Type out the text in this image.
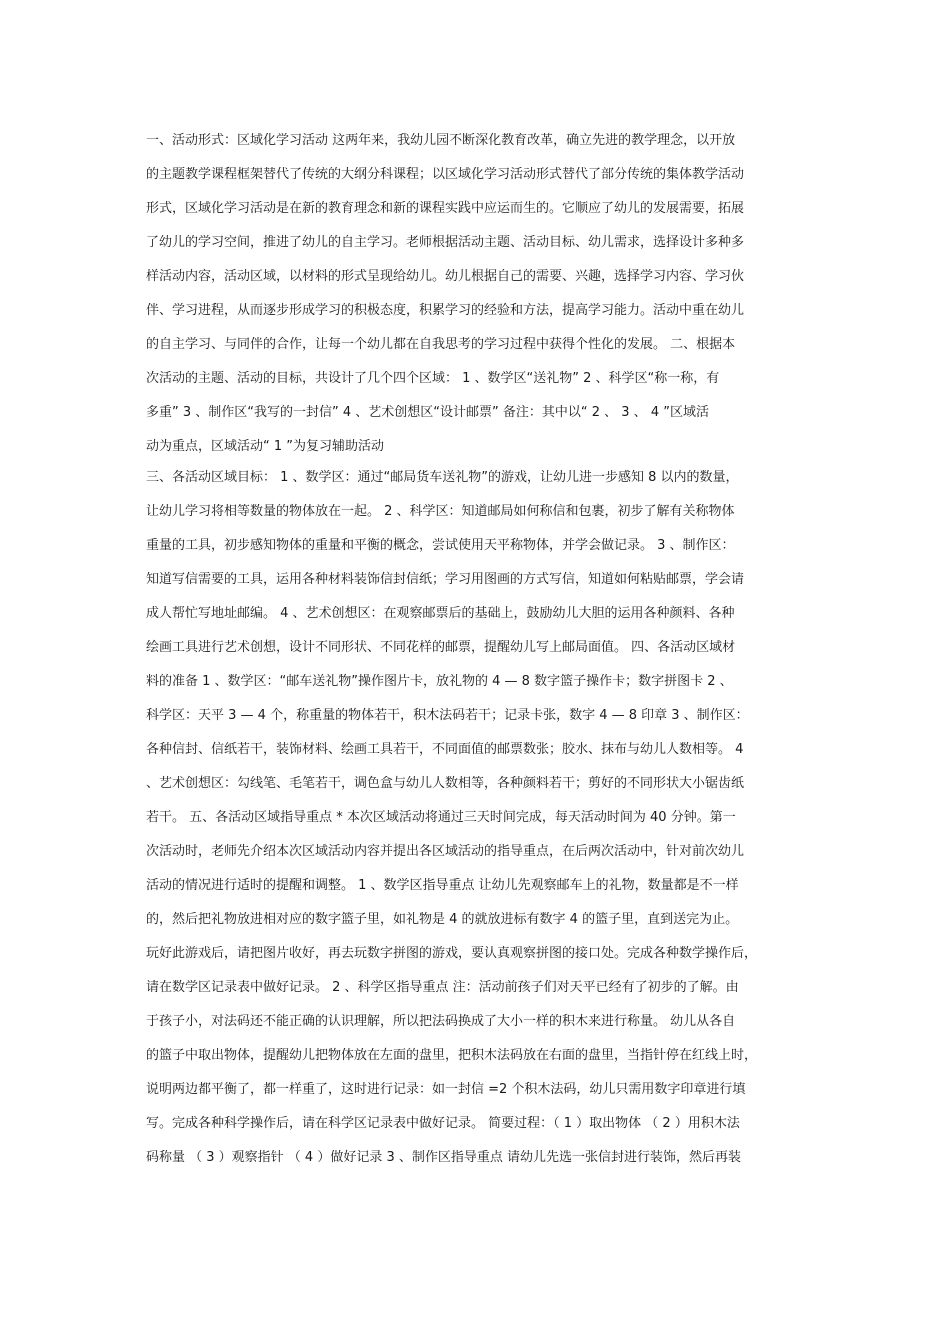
一、活动形式：区域化学习活动 这两年来，我幼儿园不断深化教育改革，确立先进的教学理念，以开放
的主题教学课程框架替代了传统的大纲分科课程；以区域化学习活动形式替代了部分传统的集体教学活动
形式，区域化学习活动是在新的教育理念和新的课程实践中应运而生的。它顺应了幼儿的发展需要，拓展
了幼儿的学习空间，推进了幼儿的自主学习。老师根据活动主题、活动目标、幼儿需求，选择设计多种多
样活动内容，活动区域，以材料的形式呈现给幼儿。幼儿根据自己的需要、兴趣，选择学习内容、学习伙
伴、学习进程，从而逐步形成学习的积极态度，积累学习的经验和方法，提高学习能力。活动中重在幼儿
的自主学习、与同伴的合作，让每一个幼儿都在自我思考的学习过程中获得个性化的发展。 二、根据本
次活动的主题、活动的目标，共设计了几个四个区域： 1 、数学区“送礼物” 2 、科学区“称一称，有
多重” 3 、制作区“我写的一封信” 4 、艺术创想区“设计邮票” 备注：其中以“ 2 、 3 、 4 ”区域活
动为重点，区域活动“ 1 ”为复习辅助活动
三、各活动区域目标： 1 、数学区：通过“邮局货车送礼物”的游戏，让幼儿进一步感知 8 以内的数量，
让幼儿学习将相等数量的物体放在一起。 2 、科学区：知道邮局如何称信和包裹，初步了解有关称物体
重量的工具，初步感知物体的重量和平衡的概念，尝试使用天平称物体，并学会做记录。 3 、制作区：
知道写信需要的工具，运用各种材料装饰信封信纸；学习用图画的方式写信，知道如何粘贴邮票，学会请
成人帮忙写地址邮编。 4 、艺术创想区：在观察邮票后的基础上，鼓励幼儿大胆的运用各种颜料、各种
绘画工具进行艺术创想，设计不同形状、不同花样的邮票，提醒幼儿写上邮局面值。 四、各活动区域材
料的准备 1 、数学区：“邮车送礼物”操作图片卡，放礼物的 4 — 8 数字篮子操作卡；数字拼图卡 2 、
科学区：天平 3 — 4 个，称重量的物体若干，积木法码若干；记录卡张，数字 4 — 8 印章 3 、制作区：
各种信封、信纸若干，装饰材料、绘画工具若干，不同面值的邮票数张；胶水、抹布与幼儿人数相等。 4
、艺术创想区：勾线笔、毛笔若干，调色盒与幼儿人数相等，各种颜料若干；剪好的不同形状大小锯齿纸
若干。 五、各活动区域指导重点 * 本次区域活动将通过三天时间完成，每天活动时间为 40 分钟。第一
次活动时，老师先介绍本次区域活动内容并提出各区域活动的指导重点，在后两次活动中，针对前次幼儿
活动的情况进行适时的提醒和调整。 1 、数学区指导重点 让幼儿先观察邮车上的礼物，数量都是不一样
的，然后把礼物放进相对应的数字篮子里，如礼物是 4 的就放进标有数字 4 的篮子里，直到送完为止。
玩好此游戏后，请把图片收好，再去玩数字拼图的游戏，要认真观察拼图的接口处。完成各种数学操作后，
请在数学区记录表中做好记录。 2 、科学区指导重点 注：活动前孩子们对天平已经有了初步的了解。由
于孩子小，对法码还不能正确的认识理解，所以把法码换成了大小一样的积木来进行称量。 幼儿从各自
的篮子中取出物体，提醒幼儿把物体放在左面的盘里，把积木法码放在右面的盘里，当指针停在红线上时，
说明两边都平衡了，都一样重了，这时进行记录：如一封信 =2 个积木法码，幼儿只需用数字印章进行填
写。完成各种科学操作后，请在科学区记录表中做好记录。 简要过程：（ 1 ）取出物体 （ 2 ）用积木法
码称量 （ 3 ）观察指针 （ 4 ）做好记录 3 、制作区指导重点 请幼儿先选一张信封进行装饰，然后再装
